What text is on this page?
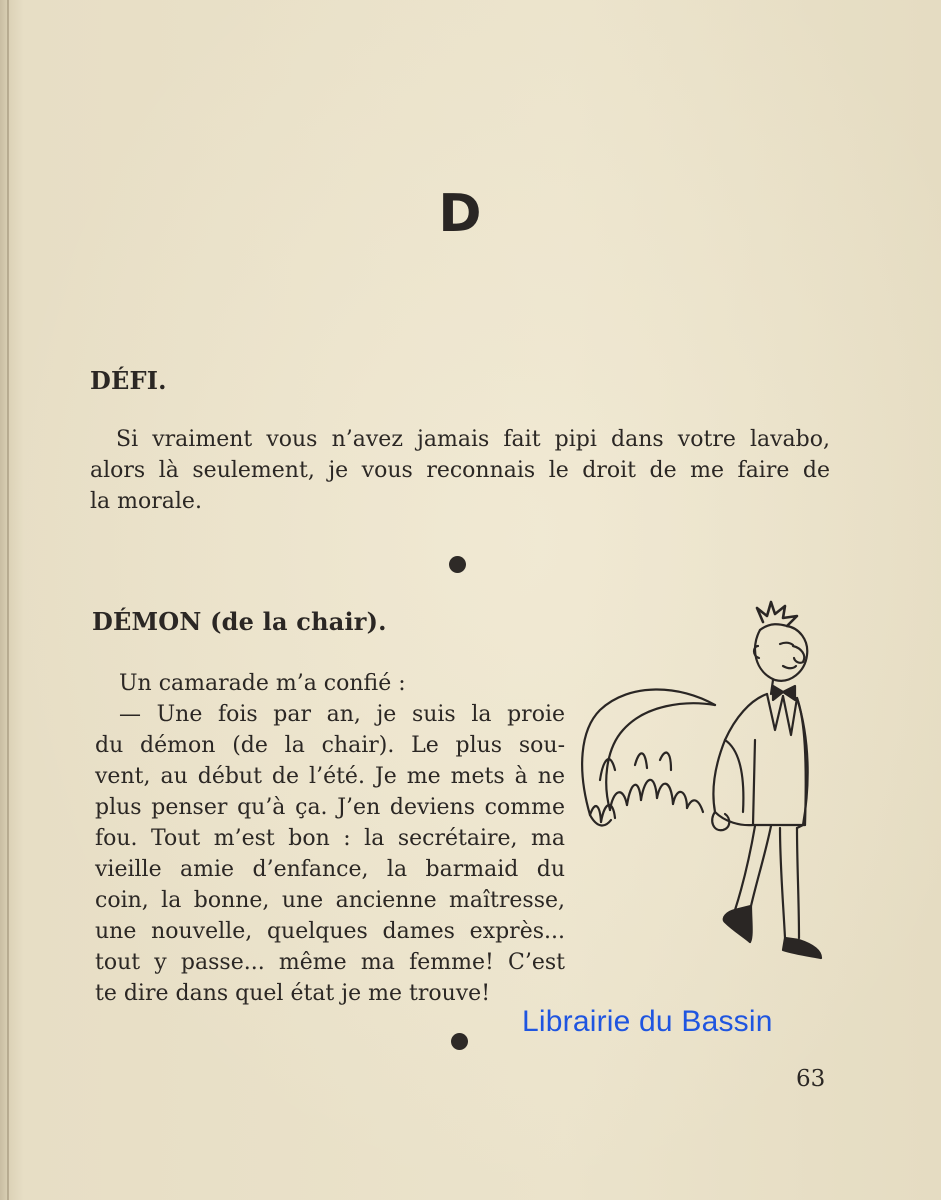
D
DÉFI.
Si vraiment vous n’avez jamais fait pipi dans votre lavabo,
alors là seulement, je vous reconnais le droit de me faire de
la morale.
DÉMON (de la chair).
Un camarade m’a confié :
— Une fois par an, je suis la proie
du démon (de la chair). Le plus sou-
vent, au début de l’été. Je me mets à ne
plus penser qu’à ça. J’en deviens comme
fou. Tout m’est bon : la secrétaire, ma
vieille amie d’enfance, la barmaid du
coin, la bonne, une ancienne maîtresse,
une nouvelle, quelques dames exprès...
tout y passe... même ma femme! C’est
te dire dans quel état je me trouve!
Librairie du Bassin
63
